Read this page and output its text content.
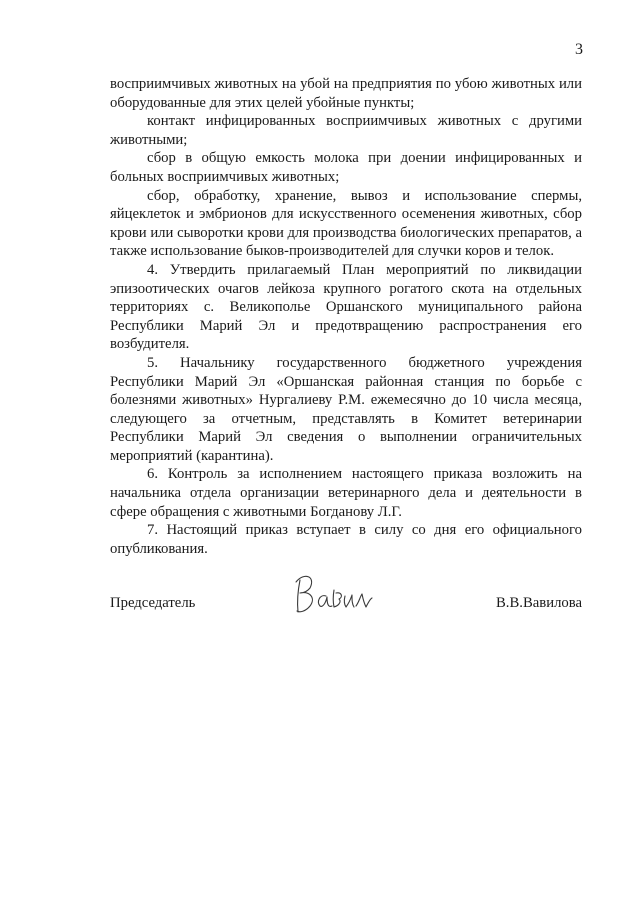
3

восприимчивых животных на убой на предприятия по убою животных или оборудованные для этих целей убойные пункты;

контакт инфицированных восприимчивых животных с другими животными;

сбор в общую емкость молока при доении инфицированных и больных восприимчивых животных;

сбор, обработку, хранение, вывоз и использование спермы, яйцеклеток и эмбрионов для искусственного осеменения животных, сбор крови или сыворотки крови для производства биологических препаратов, а также использование быков-производителей для случки коров и телок.

4. Утвердить прилагаемый План мероприятий по ликвидации эпизоотических очагов лейкоза крупного рогатого скота на отдельных территориях с. Великополье Оршанского муниципального района Республики Марий Эл и предотвращению распространения его возбудителя.

5. Начальнику государственного бюджетного учреждения Республики Марий Эл «Оршанская районная станция по борьбе с болезнями животных» Нургалиеву Р.М. ежемесячно до 10 числа месяца, следующего за отчетным, представлять в Комитет ветеринарии Республики Марий Эл сведения о выполнении ограничительных мероприятий (карантина).

6. Контроль за исполнением настоящего приказа возложить на начальника отдела организации ветеринарного дела и деятельности в сфере обращения с животными Богданову Л.Г.

7. Настоящий приказ вступает в силу со дня его официального опубликования.

Председатель	В.В.Вавилова
